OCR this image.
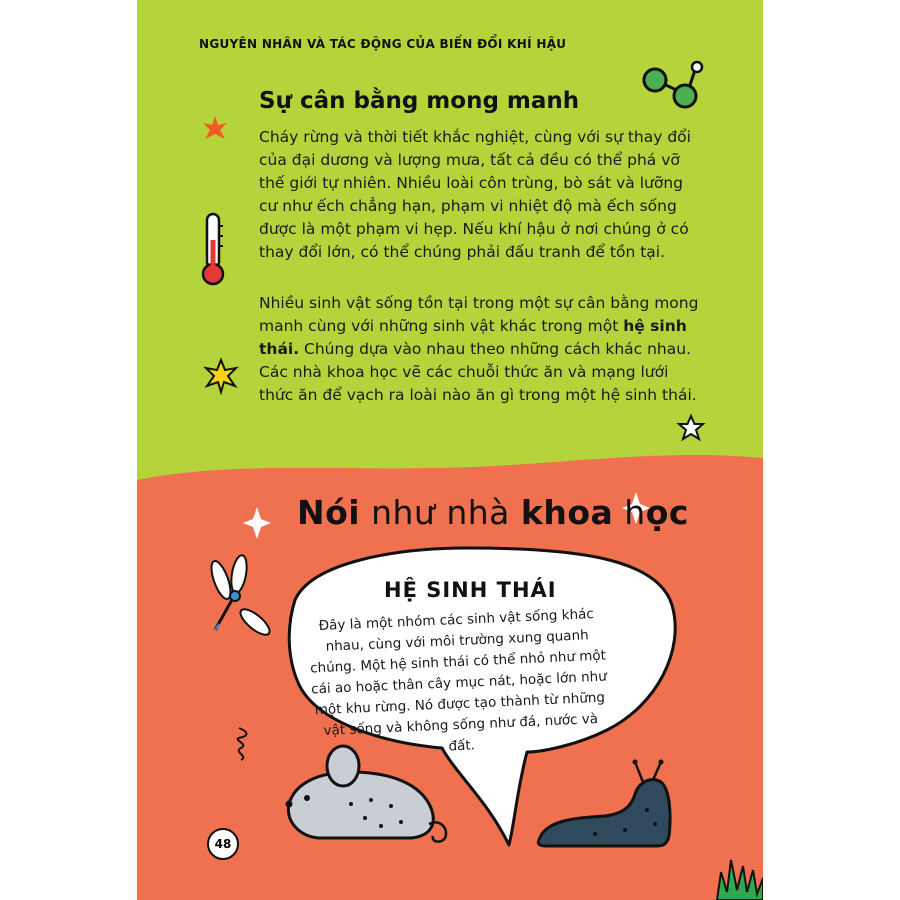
NGUYÊN NHÂN VÀ TÁC ĐỘNG CỦA BIẾN ĐỔI KHÍ HẬU
Sự cân bằng mong manh

Cháy rừng và thời tiết khắc nghiệt, cùng với sự thay đổi của đại dương và lượng mưa, tất cả đều có thể phá vỡ thế giới tự nhiên. Nhiều loài côn trùng, bò sát và lưỡng cư như ếch chẳng hạn, phạm vi nhiệt độ mà ếch sống được là một phạm vi hẹp. Nếu khí hậu ở nơi chúng ở có thay đổi lớn, có thể chúng phải đấu tranh để tồn tại.

Nhiều sinh vật sống tồn tại trong một sự cân bằng mong manh cùng với những sinh vật khác trong một hệ sinh thái. Chúng dựa vào nhau theo những cách khác nhau. Các nhà khoa học vẽ các chuỗi thức ăn và mạng lưới thức ăn để vạch ra loài nào ăn gì trong một hệ sinh thái.

Nói như nhà khoa học
HỆ SINH THÁI

Đây là một nhóm các sinh vật sống khác nhau, cùng với môi trường xung quanh chúng. Một hệ sinh thái có thể nhỏ như một cái ao hoặc thân cây mục nát, hoặc lớn như một khu rừng. Nó được tạo thành từ những vật sống và không sống như đá, nước và đất.

48
